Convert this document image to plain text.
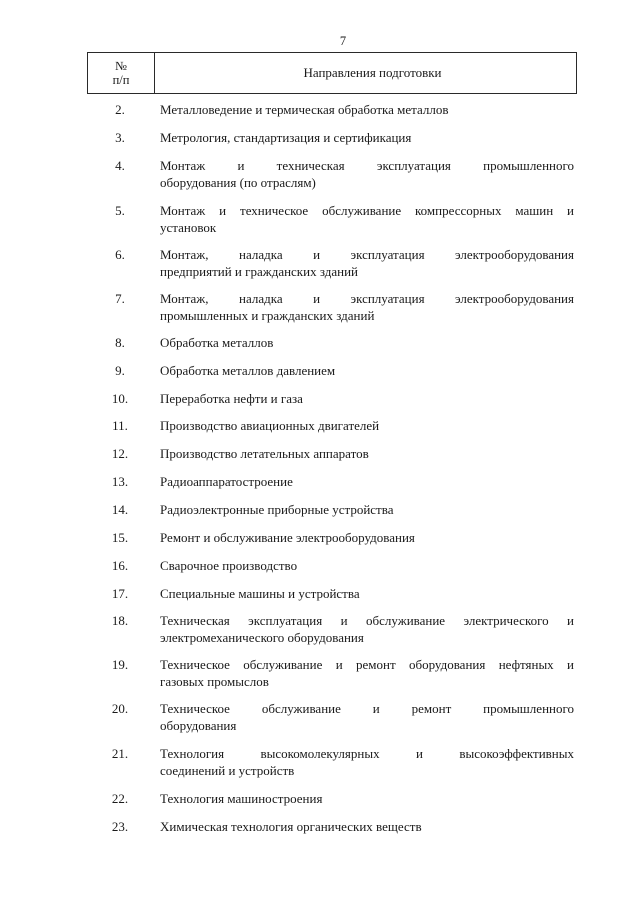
7
№
п/п	Направления подготовки
2.	Металловедение и термическая обработка металлов
3.	Метрология, стандартизация и сертификация
4.	Монтаж и техническая эксплуатация промышленного
оборудования (по отраслям)
5.	Монтаж и техническое обслуживание компрессорных машин и
установок
6.	Монтаж, наладка и эксплуатация электрооборудования
предприятий и гражданских зданий
7.	Монтаж, наладка и эксплуатация электрооборудования
промышленных и гражданских зданий
8.	Обработка металлов
9.	Обработка металлов давлением
10.	Переработка нефти и газа
11.	Производство авиационных двигателей
12.	Производство летательных аппаратов
13.	Радиоаппаратостроение
14.	Радиоэлектронные приборные устройства
15.	Ремонт и обслуживание электрооборудования
16.	Сварочное производство
17.	Специальные машины и устройства
18.	Техническая эксплуатация и обслуживание электрического и
электромеханического оборудования
19.	Техническое обслуживание и ремонт оборудования нефтяных и
газовых промыслов
20.	Техническое обслуживание и ремонт промышленного
оборудования
21.	Технология высокомолекулярных и высокоэффективных
соединений и устройств
22.	Технология машиностроения
23.	Химическая технология органических веществ
